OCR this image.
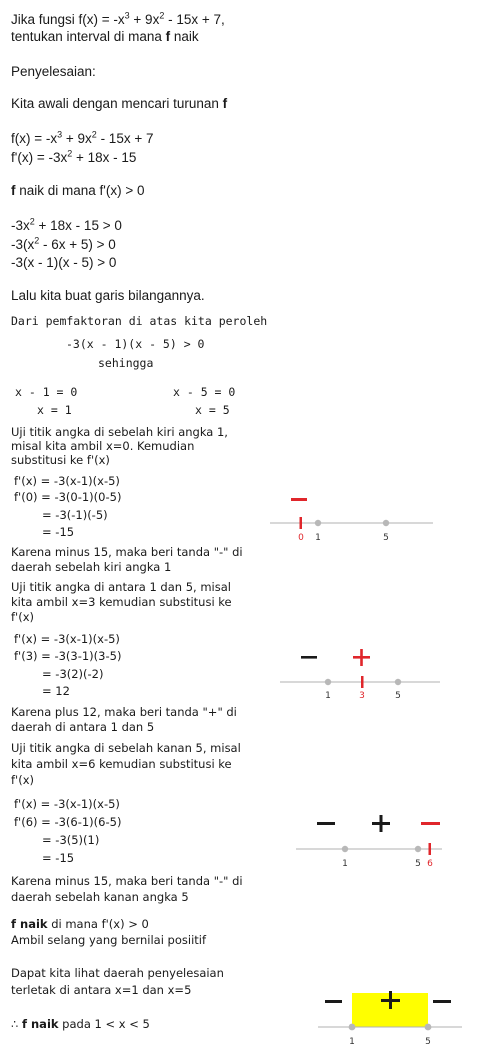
Jika fungsi $f(x) = -x^3 + 9x^2 - 15x + 7$,
tentukan interval di mana f naik
Penyelesaian:
Kita awali dengan mencari turunan f
$f(x) = -x^3 + 9x^2 - 15x + 7$
$f'(x) = -3x^2 + 18x - 15$
f naik di mana f'(x) > 0
$-3x^2 + 18x - 15 > 0$
$-3(x^2 - 6x + 5) > 0$
-3(x - 1)(x - 5) > 0
Lalu kita buat garis bilangannya.
Dari pemfaktoran di atas kita peroleh
-3(x - 1)(x - 5) > 0
sehingga
x - 1 = 0	x - 5 = 0
x = 1	x = 5
Uji titik angka di sebelah kiri angka 1,
misal kita ambil x=0. Kemudian
substitusi ke f'(x)
f'(x) = -3(x-1)(x-5)
f'(0) = -3(0-1)(0-5)
= -3(-1)(-5)
= -15
Karena minus 15, maka beri tanda "-" di
daerah sebelah kiri angka 1
Uji titik angka di antara 1 dan 5, misal
kita ambil x=3 kemudian substitusi ke
f'(x)
f'(x) = -3(x-1)(x-5)
f'(3) = -3(3-1)(3-5)
= -3(2)(-2)
= 12
Karena plus 12, maka beri tanda "+" di
daerah di antara 1 dan 5
Uji titik angka di sebelah kanan 5, misal
kita ambil x=6 kemudian substitusi ke
f'(x)
f'(x) = -3(x-1)(x-5)
f'(6) = -3(6-1)(6-5)
= -3(5)(1)
= -15
Karena minus 15, maka beri tanda "-" di
daerah sebelah kanan angka 5
f naik di mana f'(x) > 0
Ambil selang yang bernilai posiitif
Dapat kita lihat daerah penyelesaian
terletak di antara x=1 dan x=5
∴ f naik pada 1 < x < 5
0 1	5
1	3	5
1	5 6
1	5
